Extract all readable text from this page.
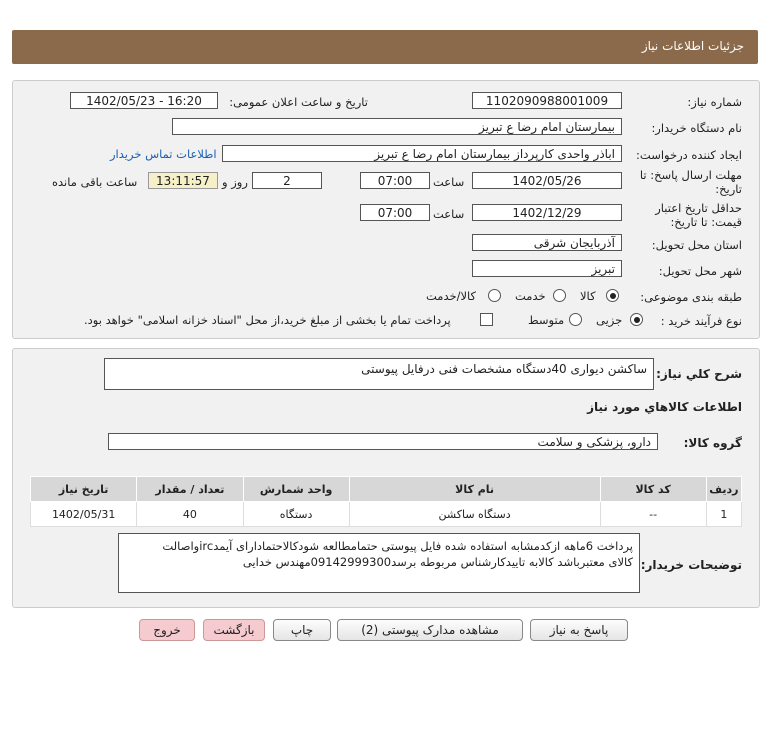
جزئیات اطلاعات نیاز
شماره نیاز:
1102090988001009
تاریخ و ساعت اعلان عمومی:
1402/05/23 - 16:20
نام دستگاه خریدار:
بیمارستان امام رضا ع تبریز
ایجاد کننده درخواست:
اباذر واحدی کارپرداز بیمارستان امام رضا ع تبریز
اطلاعات تماس خریدار
مهلت ارسال پاسخ: تا
تاریخ:
1402/05/26
ساعت
07:00
2
روز و
13:11:57
ساعت باقی مانده
حداقل تاریخ اعتبار
قیمت: تا تاریخ:
1402/12/29
ساعت
07:00
استان محل تحویل:
آذربایجان شرقی
شهر محل تحویل:
تبریز
طبقه بندی موضوعی:
کالا
خدمت
کالا/خدمت
نوع فرآیند خرید :
جزیی
متوسط
پرداخت تمام یا بخشی از مبلغ خرید،از محل "اسناد خزانه اسلامی" خواهد بود.
شرح کلي نياز:
ساکشن دیواری 40دستگاه مشخصات فنی درفایل پیوستی
اطلاعات کالاهاي مورد نياز
گروه کالا:
دارو، پزشکی و سلامت
ردیف	کد کالا	نام کالا	واحد شمارش	تعداد / مقدار	تاریخ نیاز
1	--	دستگاه ساکشن	دستگاه	40	1402/05/31
توضیحات خریدار:
پرداخت 6ماهه ازکدمشابه استفاده شده فایل پیوستی حتمامطالعه شودکالاحتمادارای آیمدircواصالت
کالای معتبرباشد کالابه تاییدکارشناس مربوطه برسد09142999300مهندس خدایی
پاسخ به نیاز
مشاهده مدارک پیوستی (2)
چاپ
بازگشت
خروج
